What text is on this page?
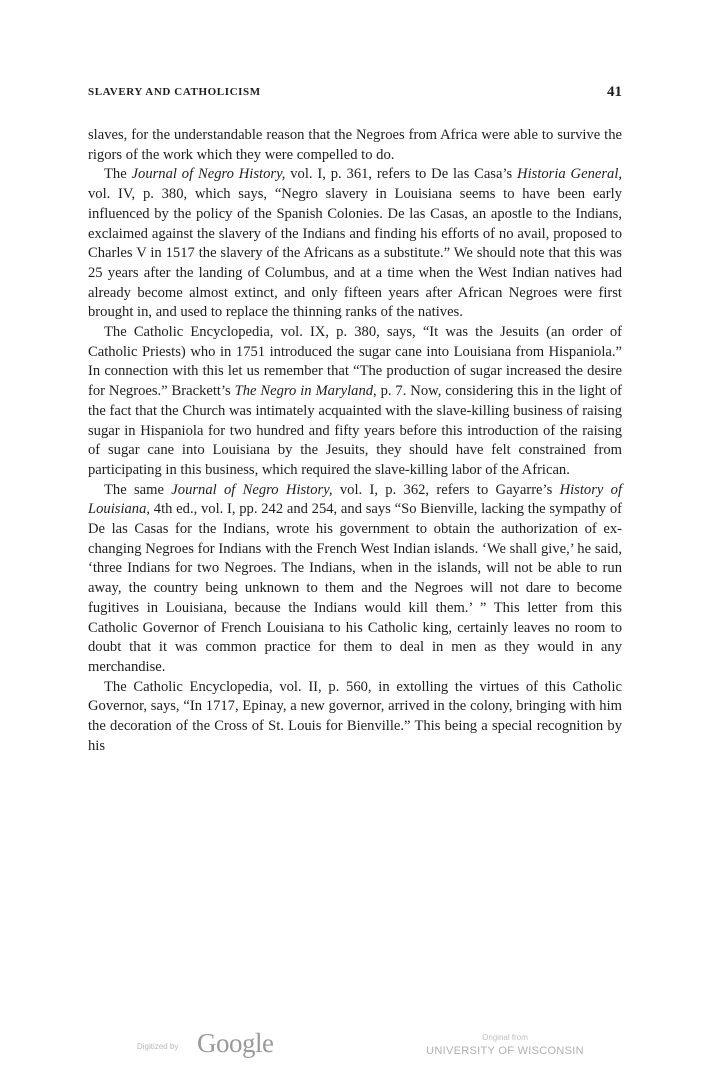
SLAVERY AND CATHOLICISM	41

slaves, for the understandable reason that the Negroes from Africa were able to survive the rigors of the work which they were compelled to do.

The Journal of Negro History, vol. I, p. 361, refers to De las Casa’s Historia General, vol. IV, p. 380, which says, “Negro slavery in Louisiana seems to have been early influenced by the policy of the Spanish Colonies. De las Casas, an apostle to the Indians, exclaimed against the slavery of the Indians and finding his efforts of no avail, proposed to Charles V in 1517 the slavery of the Africans as a substitute.” We should note that this was 25 years after the landing of Columbus, and at a time when the West Indian natives had already become almost extinct, and only fifteen years after African Negroes were first brought in, and used to replace the thinning ranks of the natives.

The Catholic Encyclopedia, vol. IX, p. 380, says, “It was the Jesuits (an order of Catholic Priests) who in 1751 introduced the sugar cane into Louisiana from Hispaniola.” In connection with this let us remember that “The production of sugar increased the desire for Negroes.” Brackett’s The Negro in Maryland, p. 7. Now, considering this in the light of the fact that the Church was intimately acquainted with the slave-killing business of raising sugar in Hispaniola for two hundred and fifty years before this introduction of the raising of sugar cane into Louisiana by the Jesuits, they should have felt constrained from participating in this business, which required the slave-killing labor of the African.

The same Journal of Negro History, vol. I, p. 362, refers to Gayarre’s History of Louisiana, 4th ed., vol. I, pp. 242 and 254, and says “So Bienville, lacking the sympathy of De las Casas for the Indians, wrote his government to obtain the authorization of exchanging Negroes for Indians with the French West Indian islands. ‘We shall give,’ he said, ‘three Indians for two Negroes. The Indians, when in the islands, will not be able to run away, the country being unknown to them and the Negroes will not dare to become fugitives in Louisiana, because the Indians would kill them.’ ” This letter from this Catholic Governor of French Louisiana to his Catholic king, certainly leaves no room to doubt that it was common practice for them to deal in men as they would in any merchandise.

The Catholic Encyclopedia, vol. II, p. 560, in extolling the virtues of this Catholic Governor, says, “In 1717, Epinay, a new governor, arrived in the colony, bringing with him the decoration of the Cross of St. Louis for Bienville.” This being a special recognition by his

Digitized by Google	Original from
UNIVERSITY OF WISCONSIN
